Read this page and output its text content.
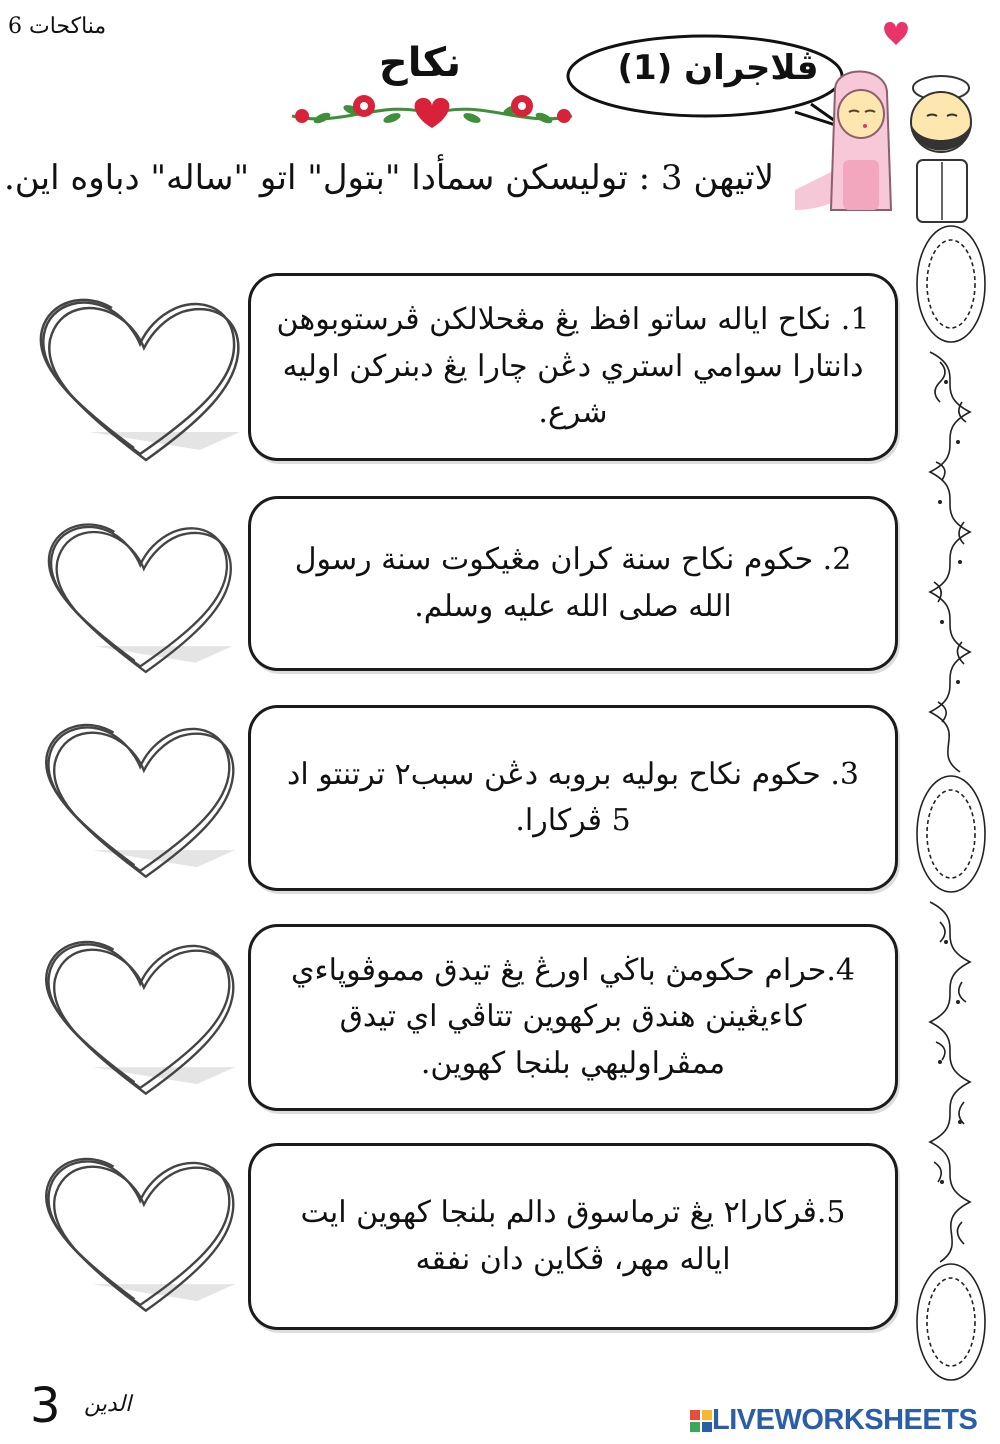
مناكحات 6
نكاح	ڤلاجران (1)
لاتيهن 3 : توليسكن سمأدا "بتول" اتو "ساله" دباوه اين.

1. نكاح اياله ساتو افظ يڠ مڠحلالكن ڤرستوبوهن دانتارا سوامي استري دڠن چارا يڠ دبنركن اوليه شرع.

2. حكوم نكاح سنة كران مڠيكوت سنة رسول الله صلى الله عليه وسلم.

3. حكوم نكاح بوليه بروبه دڠن سبب٢ ترتنتو اد 5 ڤركارا.

4.حرام حكومڽ باڬي اورڠ يڠ تيدق مموڤوڽاءي كاءيڠينن هندق بركهوين تتاڤي اي تيدق ممڤراوليهي بلنجا كهوين.

5.ڤركارا٢ يڠ ترماسوق دالم بلنجا كهوين ايت اياله مهر، ڤكاين دان نفقه

3 الدين	LIVEWORKSHEETS
